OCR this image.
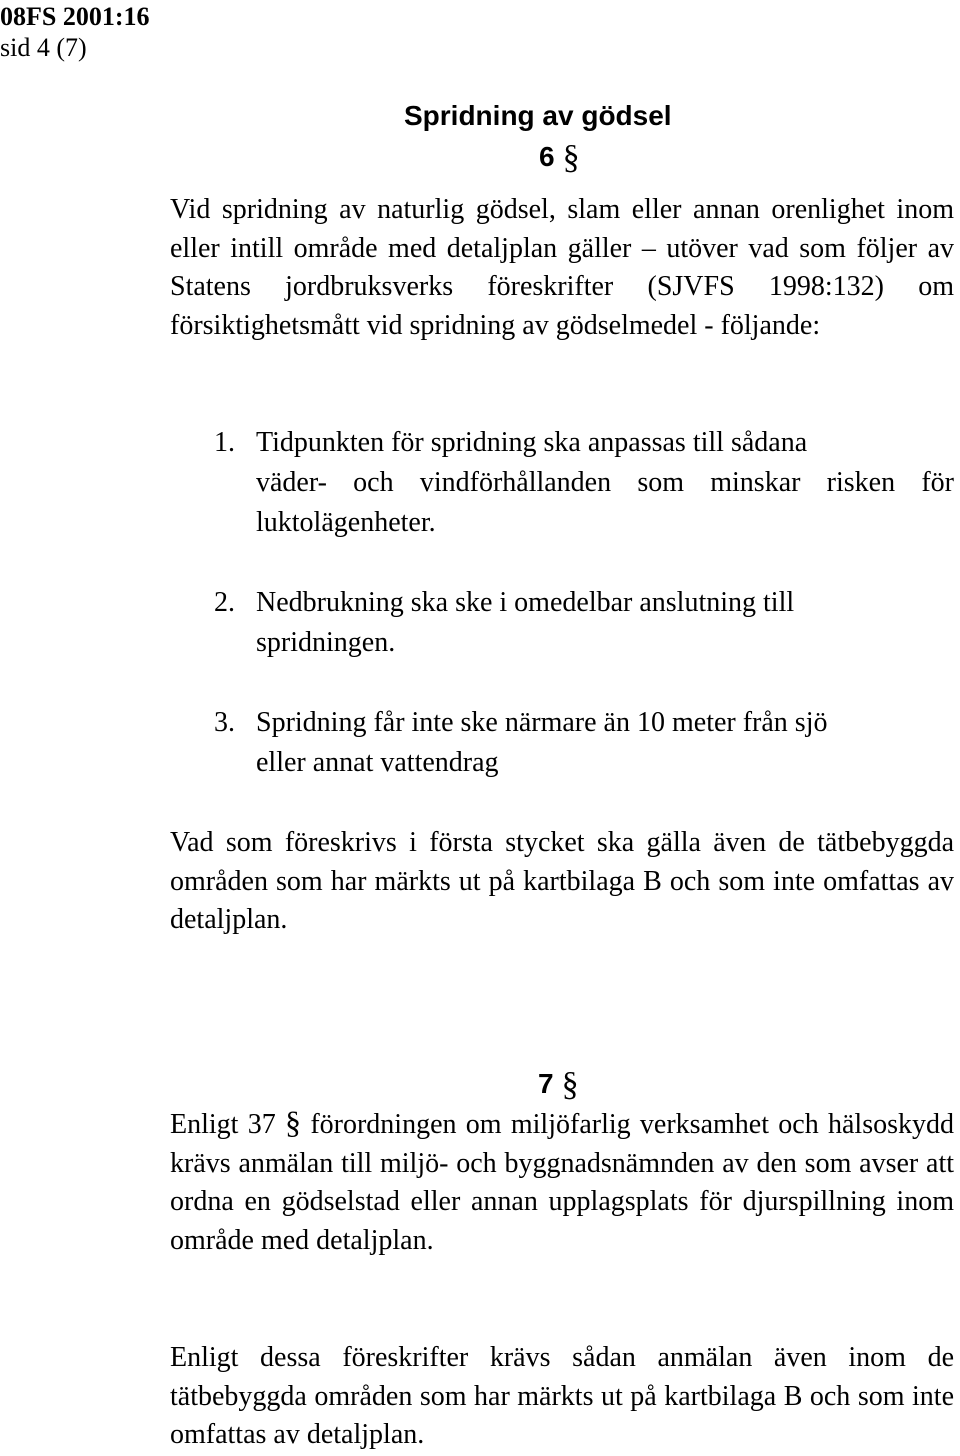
08FS 2001:16
sid 4 (7)
Spridning av gödsel
6 §
Vid spridning av naturlig gödsel, slam eller annan orenlighet inom eller intill område med detaljplan gäller – utöver vad som följer av Statens jordbruksverks föreskrifter (SJVFS 1998:132) om försiktighetsmått vid spridning av gödselmedel - följande:
1. Tidpunkten för spridning ska anpassas till sådana
väder- och vindförhållanden som minskar risken för luktolägenheter.
2. Nedbrukning ska ske i omedelbar anslutning till
spridningen.
3. Spridning får inte ske närmare än 10 meter från sjö
eller annat vattendrag
Vad som föreskrivs i första stycket ska gälla även de tätbebyggda områden som har märkts ut på kartbilaga B och som inte omfattas av detaljplan.
7 §
Enligt 37 § förordningen om miljöfarlig verksamhet och hälsoskydd krävs anmälan till miljö- och byggnadsnämnden av den som avser att ordna en gödselstad eller annan upplagsplats för djurspillning inom område med detaljplan.
Enligt dessa föreskrifter krävs sådan anmälan även inom de tätbebyggda områden som har märkts ut på kartbilaga B och som inte omfattas av detaljplan.
